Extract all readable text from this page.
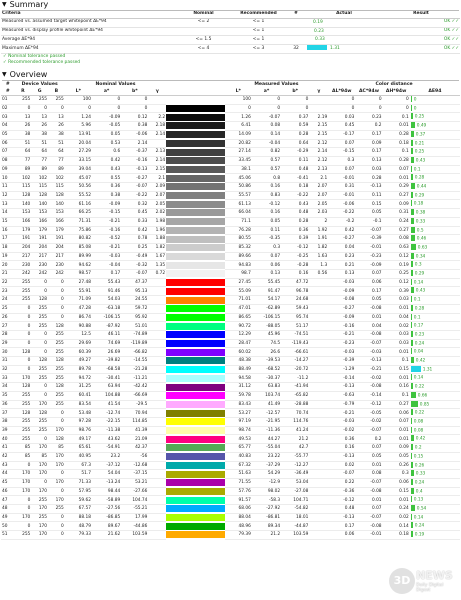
▼ Summary
Criteria	Nominal	Recommended	#	Actual	Result
Measured vs. assumed target whitepoint ΔE*94	<= 2	<= 1		0.19	OK ✓✓
Measured vs. display profile whitepoint ΔE*94		<= 1		0.23	OK ✓✓
Average ΔE*94	<= 1.5	<= 1		0.33	OK ✓✓
Maximum ΔE*94	<= 4	<= 3	32	1.31	OK ✓✓
✓ Nominal tolerance passed
✓ Recommended tolerance passed
▼ Overview
#	Device Values			Nominal Values					Measured Values				Color distance			
#	R	G	B	L*	a*	b*	γ		L*	a*	b*	γ	ΔL*94w	ΔC*94w	ΔH*94w	ΔE94
01	255	255	255	100	0	0			100	0	0		0	0	0	0
02	0	0	0	0	0	0			0	0	0		0	0	0	0
03	13	13	13	1.24	-0.09	0.12	2.2		1.26	-0.07	0.37	2.19	0.03	0.23	0.1	0.25
04	26	26	26	5.96	-0.05	0.38	2.18		6.41	0.08	0.59	2.15	0.45	0.2	0.01	0.49
05	38	38	38	13.91	0.05	-0.06	2.14		14.09	0.14	0.28	2.15	-0.17	0.17	0.28	0.37
06	51	51	51	20.04	0.53	2.14			20.82	-0.04	0.64	2.12	0.07	0.09	0.18	0.21
07	64	64	64	27.29	0.6	-0.37	2.13		27.14	0.82	-0.29	2.14	-0.15	0.17	0.1	0.25
08	77	77	77	33.15	0.42	-0.16	2.14		33.45	0.57	0.11	2.12	0.3	0.13	0.28	0.43
09	89	89	89	39.04	0.43	-0.13	2.15		38.1	0.57	0.48	2.13	0.07	0.03	0.07	0.1
10	102	102	102	45.07	0.55	-0.27	2.1		45.06	0.8	-0.41	2.1	-0.01	0.28	0.01	0.28
11	115	115	115	50.56	0.36	-0.07	2.09		50.86	0.16	0.18	2.07	0.31	-0.13	0.29	0.44
12	128	128	128	55.52	0.38	-0.22	2.07		55.57	0.83	-0.22	2.07	-0.01	0.11	0.27	0.29
13	140	140	140	61.16	-0.09	0.32	2.05		61.13	-0.12	0.43	2.05	-0.06	0.15	0.09	0.18
14	153	153	153	66.25	-0.15	0.45	2.02		66.04	0.16	0.48	2.03	-0.22	0.05	0.31	0.38
15	166	166	166	71.31	-0.21	0.33	1.98		71.1	0.05	0.28	2	-0.2	-0.1	0.24	0.33
16	179	179	179	75.86	-0.16	0.42	1.96		76.28	0.11	0.36	1.92	0.42	-0.07	0.27	0.5
17	191	191	191	80.82	-0.52	0.78	1.88		80.55	-0.35	0.39	1.91	-0.27	-0.39	0.08	0.46
18	204	204	204	85.08	-0.21	0.25	1.82		85.32	0.3	-0.12	1.82	0.04	-0.01	0.63	0.63
19	217	217	217	89.99	-0.03	-0.49	1.67		89.66	0.07	-0.25	1.63	0.23	-0.23	0.12	0.34
20	230	230	230	94.62	-0.04	-0.32	1.35		94.83	0.06	-0.28	1.3	0.21	-0.09	0.19	0.3
21	242	242	242	98.57	0.17	-0.07	0.72		98.7	0.13	0.16	0.56	0.13	0.07	0.25	0.29
22	255	0	0	27.48	55.43	47.37			27.45	55.45	47.72		-0.03	0.06	0.12	0.14
23	255	0	0	55.91	91.46	95.13			55.09	91.47	96.78		-0.09	0.17	0.39	0.43
24	255	128	0	71.09	54.03	24.55			71.01	54.17	24.68		-0.08	0.05	0.03	0.1
25	0	255	0	47.28	-63.18	59.72			47.01	-62.89	59.43		-0.27	-0.08	0.01	0.28
26	0	255	0	86.74	-106.15	95.92			86.65	-106.15	95.74		-0.09	0.01	0.04	0.1
27	0	255	128	90.88	-87.92	51.01			90.72	-88.05	51.17		-0.16	0.04	0.02	0.17
28	0	0	255	12.5	46.11	-74.89			12.29	45.96	-74.51		-0.21	-0.08	0.03	0.23
29	0	0	255	29.69	74.69	-119.89			28.47	74.5	-119.43		-0.23	-0.07	0.03	0.24
30	128	0	255	60.39	26.69	-66.82			60.02	26.6	-66.61		-0.03	-0.03	0.01	0.04
31	0	128	128	49.27	-39.82	-14.55			48.38	-39.53	-14.27		-0.39	-0.13	0.1	0.42
32	0	255	255	89.78	-68.58	-21.28			88.49	-68.52	-20.72		-1.29	-0.21	0.15	1.31
33	170	255	255	94.72	-30.41	-11.21			94.58	-30.37	-11.2		-0.14	-0.02	0.01	0.14
34	128	0	128	31.25	63.94	-42.42			31.12	63.83	-41.94		-0.13	-0.08	0.16	0.22
35	255	0	255	60.41	104.88	-66.69			59.78	103.74	-65.82		-0.63	-0.14	0.1	0.66
36	255	170	255	83.54	41.54	-29.5			83.43	41.49	-28.88		-0.79	-0.12	0.27	0.85
37	128	128	0	53.48	-12.74	70.94			53.27	-12.57	70.74		-0.21	-0.05	0.06	0.22
38	255	255	0	97.28	-22.15	114.85			97.19	-21.95	114.76		-0.03	-0.02	0.07	0.08
39	255	255	170	98.76	-11.38	41.39			98.74	-11.36	41.24		-0.02	-0.07	0.01	0.08
40	255	0	128	49.17	43.62	21.09			49.53	44.27	21.2		0.36	0.2	0.01	0.42
41	85	170	85	65.61	-54.91	42.37			65.77	-55.04	42.7		0.16	0.07	0.09	0.2
42	85	85	170	40.95	23.2	-56			40.83	23.22	-55.77		-0.13	0.05	0.05	0.15
43	0	170	170	67.3	-37.12	-12.68			67.32	-37.29	-12.27		0.02	0.01	0.26	0.26
44	170	170	0	51.7	54.04	-37.15			51.63	54.29	-36.49		-0.07	0.08	0.3	0.33
45	170	0	170	71.33	-13.24	53.21			71.55	-12.9	53.04		0.22	-0.07	0.06	0.24
46	170	170	0	57.95	98.44	-27.66			57.76	98.02	-27.08		-0.36	-0.08	0.15	0.4
47	0	255	170	59.62	-58.89	104.74			91.57	-58.3	104.71		-0.12	0.01	0.01	0.13
48	0	170	255	67.57	-27.56	-55.21			68.06	-27.92	-54.82		0.48	0.07	0.24	0.54
49	170	255	0	88.18	-86.85	17.99			88.04	-86.81	18.01		-0.13	-0.07	0.02	0.14
50	0	170	0	48.79	89.67	-44.86			48.96	89.34	-44.87		0.17	-0.08	0.14	0.24
51	255	170	0	79.33	21.62	103.59			79.39	21.2	103.59		0.06	-0.01	0.18	0.19
3D NEWS
Daily Digital Digest
